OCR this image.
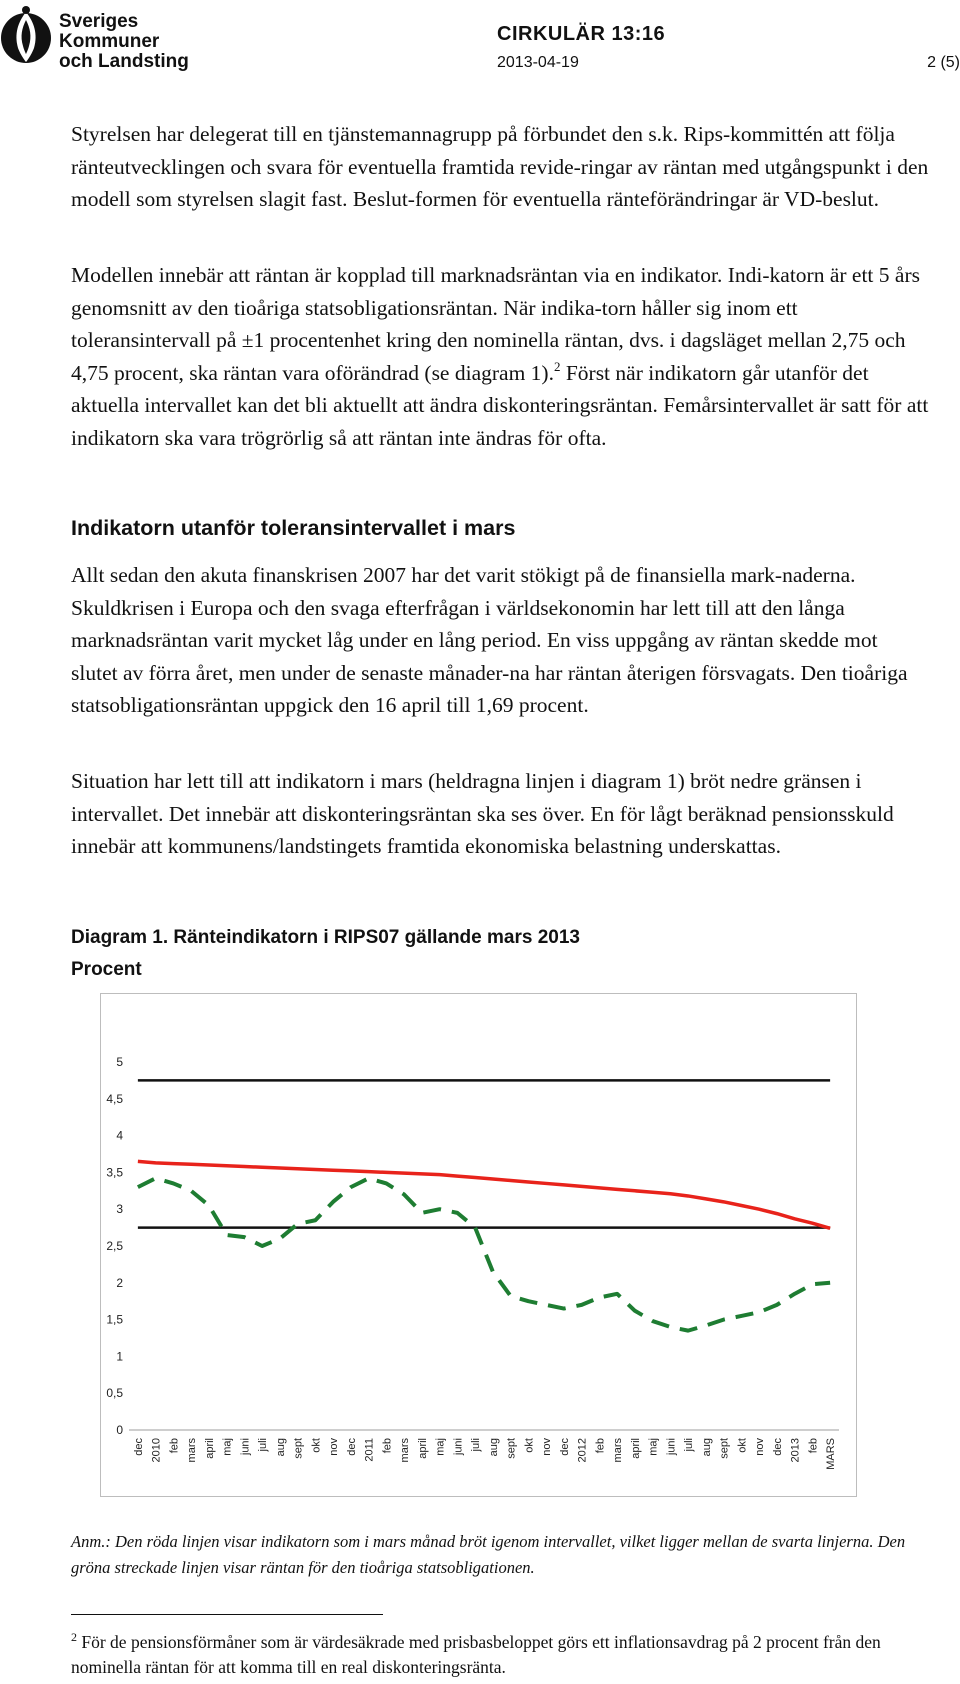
Sveriges
Kommuner
och Landsting
CIRKULÄR 13:16
2013-04-19	2 (5)

Styrelsen har delegerat till en tjänstemannagrupp på förbundet den s.k. Rips-kommittén att följa ränteutvecklingen och svara för eventuella framtida revide-ringar av räntan med utgångspunkt i den modell som styrelsen slagit fast. Beslut-formen för eventuella ränteförändringar är VD-beslut.

Modellen innebär att räntan är kopplad till marknadsräntan via en indikator. Indi-katorn är ett 5 års genomsnitt av den tioåriga statsobligationsräntan. När indika-torn håller sig inom ett toleransintervall på ±1 procentenhet kring den nominella räntan, dvs. i dagsläget mellan 2,75 och 4,75 procent, ska räntan vara oförändrad (se diagram 1).$^2$ Först när indikatorn går utanför det aktuella intervallet kan det bli aktuellt att ändra diskonteringsräntan. Femårsintervallet är satt för att indikatorn ska vara trögrörlig så att räntan inte ändras för ofta.

Indikatorn utanför toleransintervallet i mars

Allt sedan den akuta finanskrisen 2007 har det varit stökigt på de finansiella mark-naderna. Skuldkrisen i Europa och den svaga efterfrågan i världsekonomin har lett till att den långa marknadsräntan varit mycket låg under en lång period. En viss uppgång av räntan skedde mot slutet av förra året, men under de senaste månader-na har räntan återigen försvagats. Den tioåriga statsobligationsräntan uppgick den 16 april till 1,69 procent.

Situation har lett till att indikatorn i mars (heldragna linjen i diagram 1) bröt nedre gränsen i intervallet. Det innebär att diskonteringsräntan ska ses över. En för lågt beräknad pensionsskuld innebär att kommunens/landstingets framtida ekonomiska belastning underskattas.

Diagram 1. Ränteindikatorn i RIPS07 gällande mars 2013
Procent
0
0,5
1
1,5
2
2,5
3
3,5
4
4,5
5
dec 2010 feb mars april maj juni juli aug sept okt nov dec 2011 feb mars april maj juni juli aug sept okt nov dec 2012 feb mars april maj juni juli aug sept okt nov dec 2013 feb MARS
Anm.: Den röda linjen visar indikatorn som i mars månad bröt igenom intervallet, vilket ligger mellan de svarta linjerna. Den gröna streckade linjen visar räntan för den tioåriga statsobligationen.
$^2$ För de pensionsförmåner som är värdesäkrade med prisbasbeloppet görs ett inflationsavdrag på 2 procent från den nominella räntan för att komma till en real diskonteringsränta.
